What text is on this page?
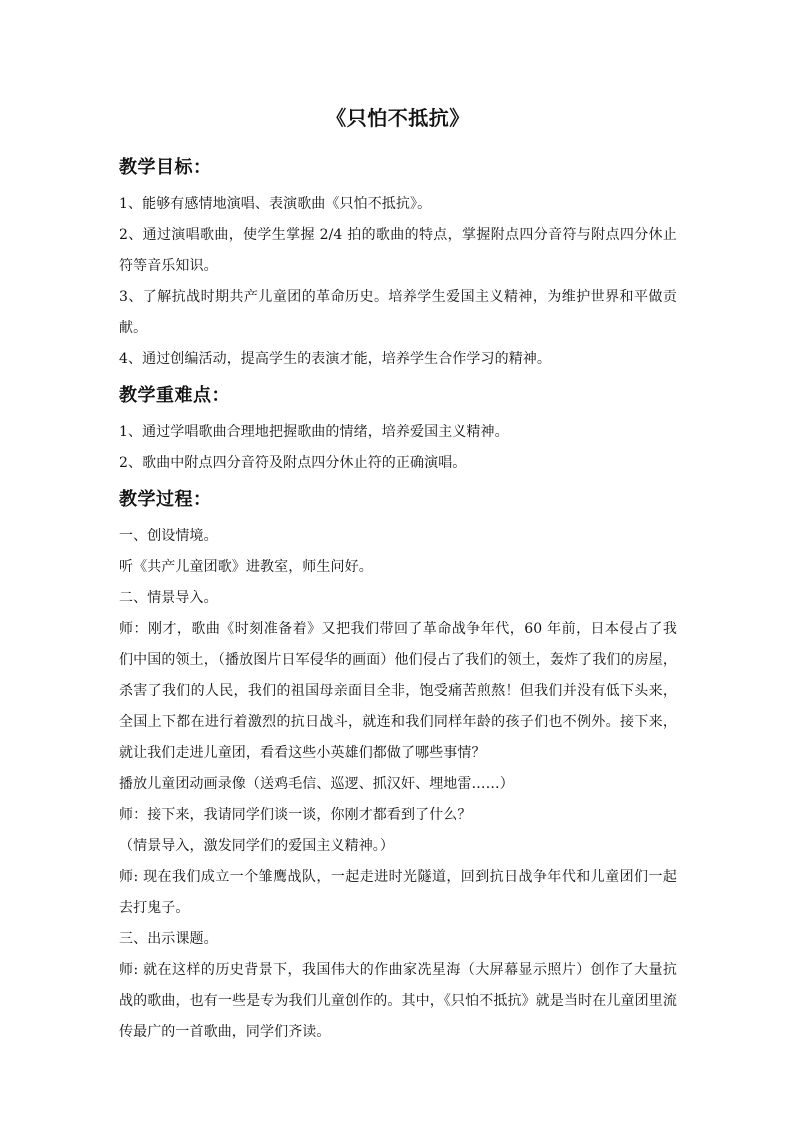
《只怕不抵抗》
教学目标：

1、能够有感情地演唱、表演歌曲《只怕不抵抗》。

2、通过演唱歌曲，使学生掌握 2/4 拍的歌曲的特点，掌握附点四分音符与附点四分休止符等音乐知识。

3、了解抗战时期共产儿童团的革命历史。培养学生爱国主义精神，为维护世界和平做贡献。

4、通过创编活动，提高学生的表演才能，培养学生合作学习的精神。

教学重难点：

1、通过学唱歌曲合理地把握歌曲的情绪，培养爱国主义精神。

2、歌曲中附点四分音符及附点四分休止符的正确演唱。

教学过程：

一、创设情境。

听《共产儿童团歌》进教室，师生问好。

二、情景导入。

师：刚才，歌曲《时刻准备着》又把我们带回了革命战争年代，60 年前，日本侵占了我们中国的领土，（播放图片日军侵华的画面）他们侵占了我们的领土，轰炸了我们的房屋，杀害了我们的人民，我们的祖国母亲面目全非，饱受痛苦煎熬！但我们并没有低下头来，全国上下都在进行着激烈的抗日战斗，就连和我们同样年龄的孩子们也不例外。接下来，就让我们走进儿童团，看看这些小英雄们都做了哪些事情？

播放儿童团动画录像（送鸡毛信、巡逻、抓汉奸、埋地雷……）

师：接下来，我请同学们谈一谈，你刚才都看到了什么？

（情景导入，激发同学们的爱国主义精神。）

师: 现在我们成立一个雏鹰战队，一起走进时光隧道，回到抗日战争年代和儿童团们一起去打鬼子。

三、出示课题。

师: 就在这样的历史背景下，我国伟大的作曲家冼星海（大屏幕显示照片）创作了大量抗战的歌曲，也有一些是专为我们儿童创作的。其中，《只怕不抵抗》就是当时在儿童团里流传最广的一首歌曲，同学们齐读。
